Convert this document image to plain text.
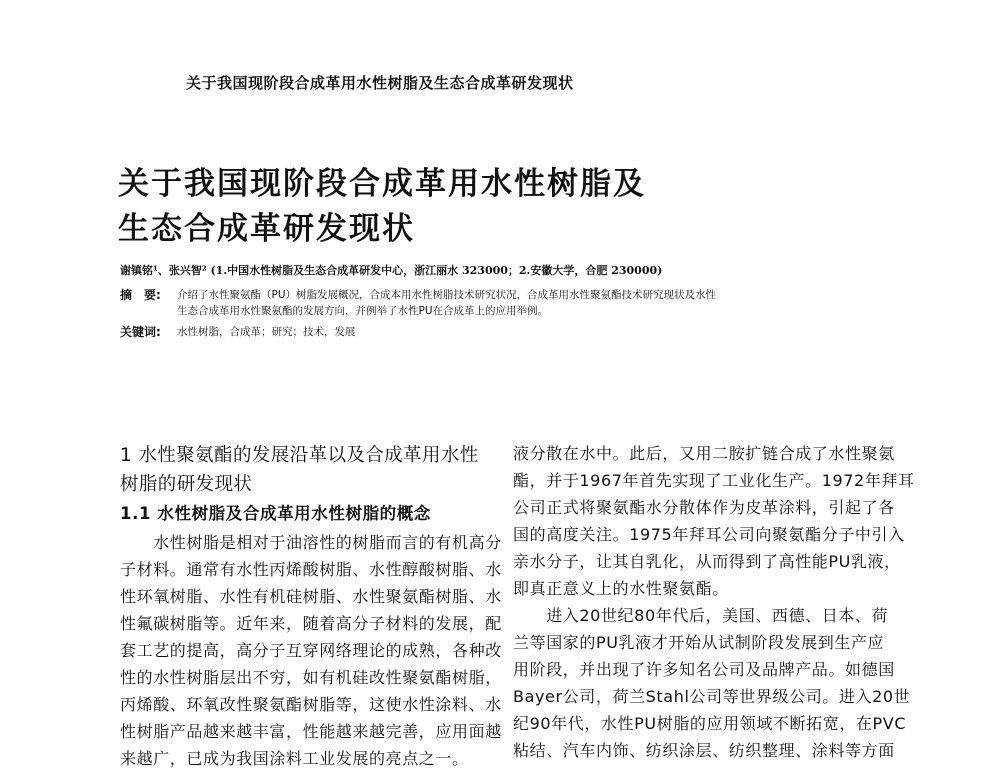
关于我国现阶段合成革用水性树脂及生态合成革研发现状
关于我国现阶段合成革用水性树脂及
生态合成革研发现状
谢镇铭¹、张兴智² (1.中国水性树脂及生态合成革研发中心，浙江丽水 323000；2.安徽大学，合肥 230000)
摘　要: 介绍了水性聚氨酯（PU）树脂发展概况，合成本用水性树脂技术研究状况，合成革用水性聚氨酯技术研究现状及水性
生态合成革用水性聚氨酯的发展方向，并例举了水性PU在合成革上的应用举例。
关键词: 水性树脂，合成革；研究；技术，发展
1 水性聚氨酯的发展沿革以及合成革用水性
树脂的研发现状
1.1 水性树脂及合成革用水性树脂的概念
　　水性树脂是相对于油溶性的树脂而言的有机高分
子材料。通常有水性丙烯酸树脂、水性醇酸树脂、水
性环氧树脂、水性有机硅树脂、水性聚氨酯树脂、水
性氟碳树脂等。近年来，随着高分子材料的发展，配
套工艺的提高，高分子互穿网络理论的成熟，各种改
性的水性树脂层出不穷，如有机硅改性聚氨酯树脂，
丙烯酸、环氧改性聚氨酯树脂等，这使水性涂料、水
性树脂产品越来越丰富，性能越来越完善，应用面越
来越广，已成为我国涂料工业发展的亮点之一。
液分散在水中。此后，又用二胺扩链合成了水性聚氨
酯，并于1967年首先实现了工业化生产。1972年拜耳
公司正式将聚氨酯水分散体作为皮革涂料，引起了各
国的高度关注。1975年拜耳公司向聚氨酯分子中引入
亲水分子，让其自乳化，从而得到了高性能PU乳液，
即真正意义上的水性聚氨酯。
　　进入20世纪80年代后，美国、西德、日本、荷
兰等国家的PU乳液才开始从试制阶段发展到生产应
用阶段，并出现了许多知名公司及品牌产品。如德国
Bayer公司，荷兰Stahl公司等世界级公司。进入20世
纪90年代，水性PU树脂的应用领域不断拓宽，在PVC
粘结、汽车内饰、纺织涂层、纺织整理、涂料等方面
